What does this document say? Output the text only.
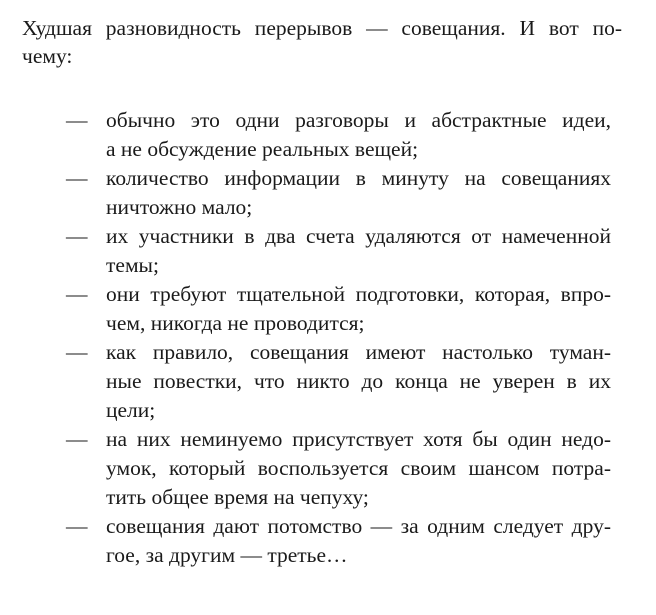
Худшая разновидность перерывов — совещания. И вот по-
чему:

— обычно это одни разговоры и абстрактные идеи,
а не обсуждение реальных вещей;
— количество информации в минуту на совещаниях
ничтожно мало;
— их участники в два счета удаляются от намеченной
темы;
— они требуют тщательной подготовки, которая, впро-
чем, никогда не проводится;
— как правило, совещания имеют настолько туман-
ные повестки, что никто до конца не уверен в их
цели;
— на них неминуемо присутствует хотя бы один недо-
умок, который воспользуется своим шансом потра-
тить общее время на чепуху;
— совещания дают потомство — за одним следует дру-
гое, за другим — третье…
